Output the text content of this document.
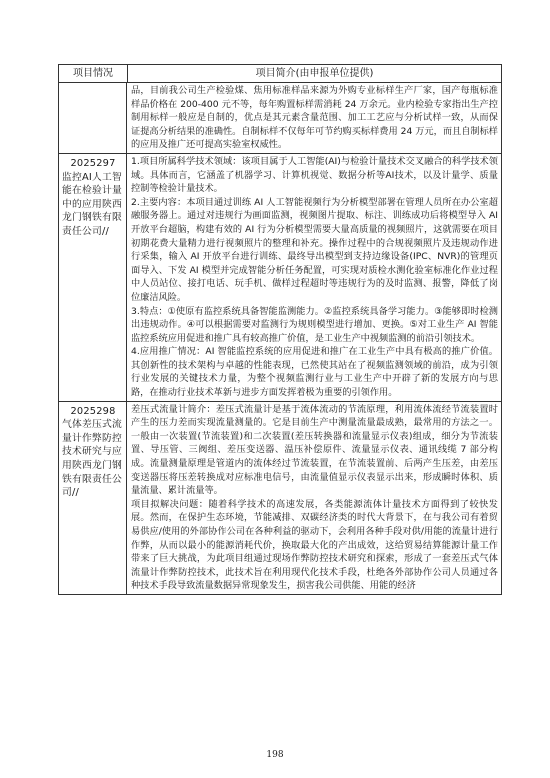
项目情况	项目简介(由申报单位提供)

品，目前我公司生产检验煤、焦用标准样品来源为外购专业标样生产厂家，国产每瓶标准样品价格在 200-400 元不等，每年购置标样需消耗 24 万余元。业内检验专家指出生产控制用标样一般应是自制的，优点是其元素含量范围、加工工艺应与分析试样一致，从而保证提高分析结果的准确性。自制标样不仅每年可节约购买标样费用 24 万元，而且自制标样的应用及推广还可提高实验室权威性。

2025297
监控AI人工智能在检验计量中的应用陕西龙门钢铁有限责任公司//

1.项目所属科学技术领域：该项目属于人工智能(AI)与检验计量技术交叉融合的科学技术领域。具体而言，它涵盖了机器学习、计算机视觉、数据分析等AI技术，以及计量学、质量控制等检验计量技术。

2.主要内容：本项目通过训练 AI 人工智能视频行为分析模型部署在管理人员所在办公室超融服务器上。通过对违规行为画面监测，视频图片提取、标注、训练成功后将模型导入 AI 开放平台超脑，构建有效的 AI 行为分析模型需要大量高质量的视频照片，这就需要在项目初期花费大量精力进行视频照片的整理和补充。操作过程中的合规视频照片及违规动作进行采集，输入 AI 开放平台进行训练、最终导出模型到支持边缘设备(IPC、NVR)的管理页面导入、下发 AI 模型并完成智能分析任务配置，可实现对质检水测化验室标准化作业过程中人员站位、接打电话、玩手机、做样过程超时等违规行为的及时监测、报警，降低了岗位廉洁风险。

3.特点：①使原有监控系统具备智能监测能力。②监控系统具备学习能力。③能够即时检测出违规动作。④可以根据需要对监测行为规则模型进行增加、更换。⑤对工业生产 AI 智能监控系统应用促进和推广具有较高推广价值，是工业生产中视频监测的前沿引领技术。

4.应用推广情况：AI 智能监控系统的应用促进和推广在工业生产中具有极高的推广价值。其创新性的技术架构与卓越的性能表现，已然使其站在了视频监测领域的前沿，成为引领行业发展的关键技术力量，为整个视频监测行业与工业生产中开辟了新的发展方向与思路，在推动行业技术革新与进步方面发挥着极为重要的引领作用。

2025298
气体差压式流量计作弊防控技术研究与应用陕西龙门钢铁有限责任公司//

差压式流量计简介：差压式流量计是基于流体流动的节流原理，利用流体流经节流装置时产生的压力差而实现流量测量的。它是目前生产中测量流量最成熟，最常用的方法之一。一般由一次装置(节流装置)和二次装置(差压转换器和流量显示仪表)组成，细分为节流装置、导压管、三阀组、差压变送器、温压补偿原件、流量显示仪表、通讯线缆 7 部分构成。流量测量原理是管道内的流体经过节流装置，在节流装置前、后两产生压差，由差压变送器压将压差转换成对应标准电信号，由流量值显示仪表显示出来，形成瞬时体积、质量流量、累计流量等。

项目拟解决问题：随着科学技术的高速发展，各类能源流体计量技术方面得到了较快发展。然而，在保护生态环境，节能减排、双碳经济类的时代大背景下，在与我公司有着贸易供应/使用的外部协作公司在各种利益的驱动下，会利用各种手段对供/用能的流量计进行作弊，从而以最小的能源消耗代价，换取最大化的产出成效，这给贸易结算能源计量工作带来了巨大挑战，为此项目组通过现场作弊防控技术研究和探索，形成了一套差压式气体流量计作弊防控技术，此技术旨在利用现代化技术手段，杜绝各外部协作公司人员通过各种技术手段导致流量数据异常现象发生，损害我公司供能、用能的经济

198
